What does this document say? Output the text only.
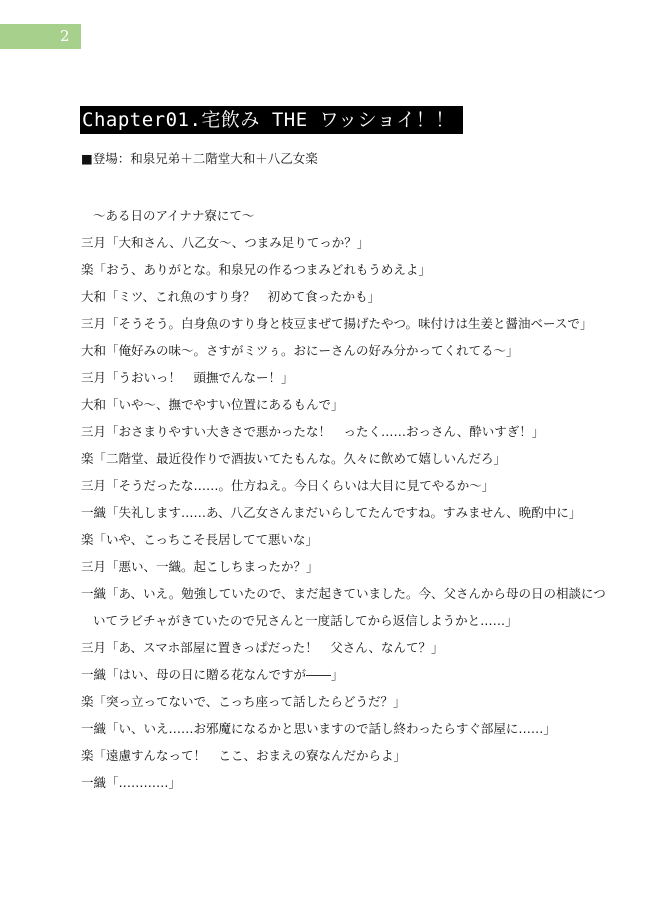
2
Chapter01.宅飲み THE ワッショイ！！
■登場：和泉兄弟＋二階堂大和＋八乙女楽
～ある日のアイナナ寮にて～
三月「大和さん、八乙女～、つまみ足りてっか？」
楽「おう、ありがとな。和泉兄の作るつまみどれもうめえよ」
大和「ミツ、これ魚のすり身？　初めて食ったかも」
三月「そうそう。白身魚のすり身と枝豆まぜて揚げたやつ。味付けは生姜と醤油ベースで」
大和「俺好みの味～。さすがミツぅ。おにーさんの好み分かってくれてる～」
三月「うおいっ！　頭撫でんなー！」
大和「いや～、撫でやすい位置にあるもんで」
三月「おさまりやすい大きさで悪かったな！　ったく……おっさん、酔いすぎ！」
楽「二階堂、最近役作りで酒抜いてたもんな。久々に飲めて嬉しいんだろ」
三月「そうだったな……。仕方ねえ。今日くらいは大目に見てやるか～」
一織「失礼します……あ、八乙女さんまだいらしてたんですね。すみません、晩酌中に」
楽「いや、こっちこそ長居してて悪いな」
三月「悪い、一織。起こしちまったか？」
一織「あ、いえ。勉強していたので、まだ起きていました。今、父さんから母の日の相談につ
いてラビチャがきていたので兄さんと一度話してから返信しようかと……」
三月「あ、スマホ部屋に置きっぱだった！　父さん、なんて？」
一織「はい、母の日に贈る花なんですが――」
楽「突っ立ってないで、こっち座って話したらどうだ？」
一織「い、いえ……お邪魔になるかと思いますので話し終わったらすぐ部屋に……」
楽「遠慮すんなって！　ここ、おまえの寮なんだからよ」
一織「…………」
